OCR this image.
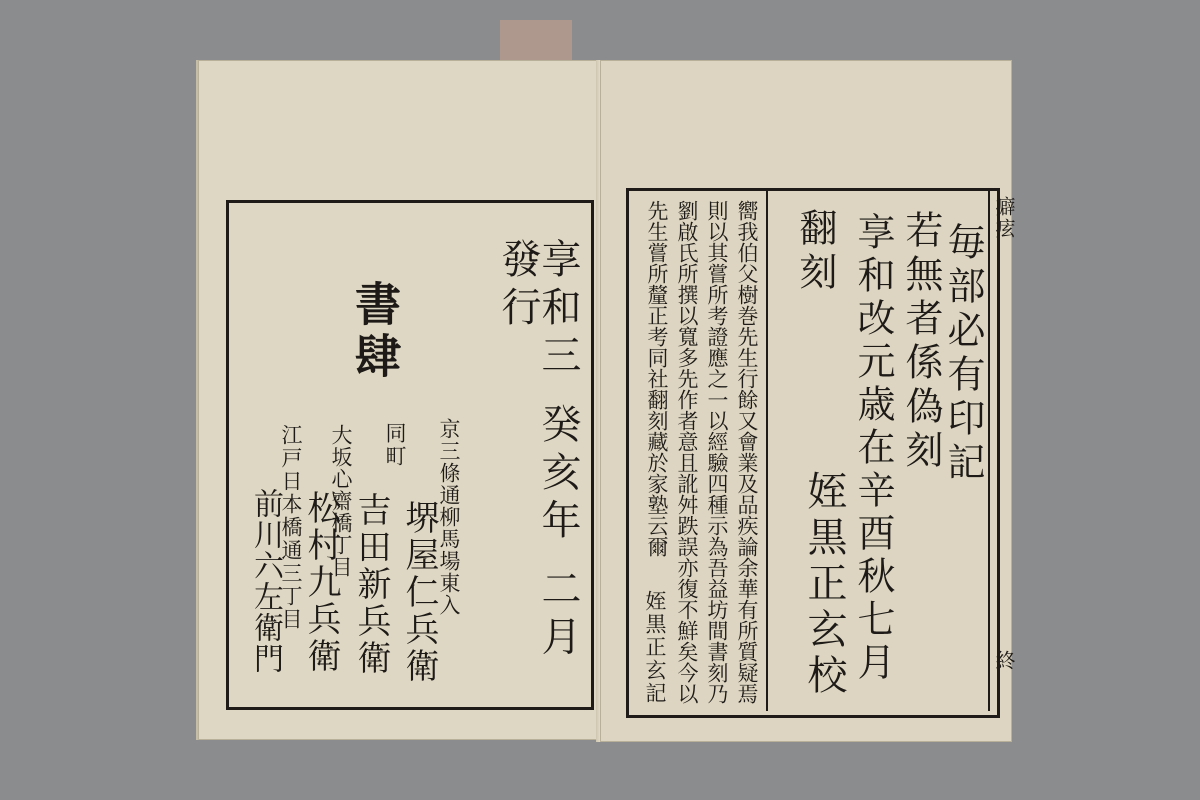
享和三 癸亥年 二月 發行
書肆
京三條通柳馬場東入
堺屋仁兵衛
同町
吉田新兵衛
大坂心齋橋丁目
松村九兵衛
江戸日本橋通三丁目
前川六左衛門
毎部必有印記
若無者係偽刻
享和改元歳在辛酉秋七月
翻刻
姪黒正玄校
嚮我伯父樹巻先生行餘又會業及品疾論余華有所質疑焉
則以其嘗所考證應之一以經驗四種示為吾益坊間書刻乃
劉啟氏所撰以寬多先作者意且訛舛跌誤亦復不鮮矣今以
先生嘗所釐正考同社翻刻藏於家塾云爾
姪黒正玄記
癖痃
終
